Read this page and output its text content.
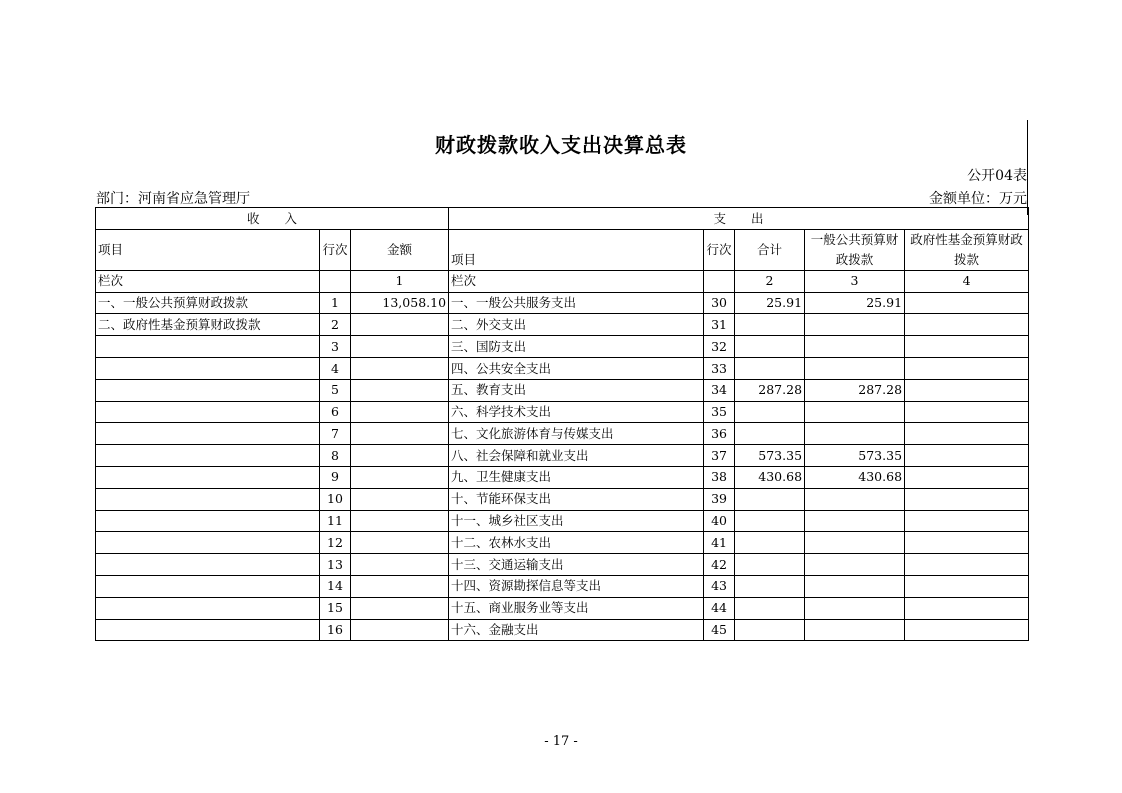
财政拨款收入支出决算总表
公开04表
部门：河南省应急管理厅	金额单位：万元
收　　入			支　　出				
项目	行次	金额	项目	行次	合计	一般公共预算财政拨款	政府性基金预算财政拨款
栏次		1	栏次		2	3	4
一、一般公共预算财政拨款	1	13,058.10	一、一般公共服务支出	30	25.91	25.91	
二、政府性基金预算财政拨款	2		二、外交支出	31			
	3		三、国防支出	32			
	4		四、公共安全支出	33			
	5		五、教育支出	34	287.28	287.28	
	6		六、科学技术支出	35			
	7		七、文化旅游体育与传媒支出	36			
	8		八、社会保障和就业支出	37	573.35	573.35	
	9		九、卫生健康支出	38	430.68	430.68	
	10		十、节能环保支出	39			
	11		十一、城乡社区支出	40			
	12		十二、农林水支出	41			
	13		十三、交通运输支出	42			
	14		十四、资源勘探信息等支出	43			
	15		十五、商业服务业等支出	44			
	16		十六、金融支出	45			
- 17 -
